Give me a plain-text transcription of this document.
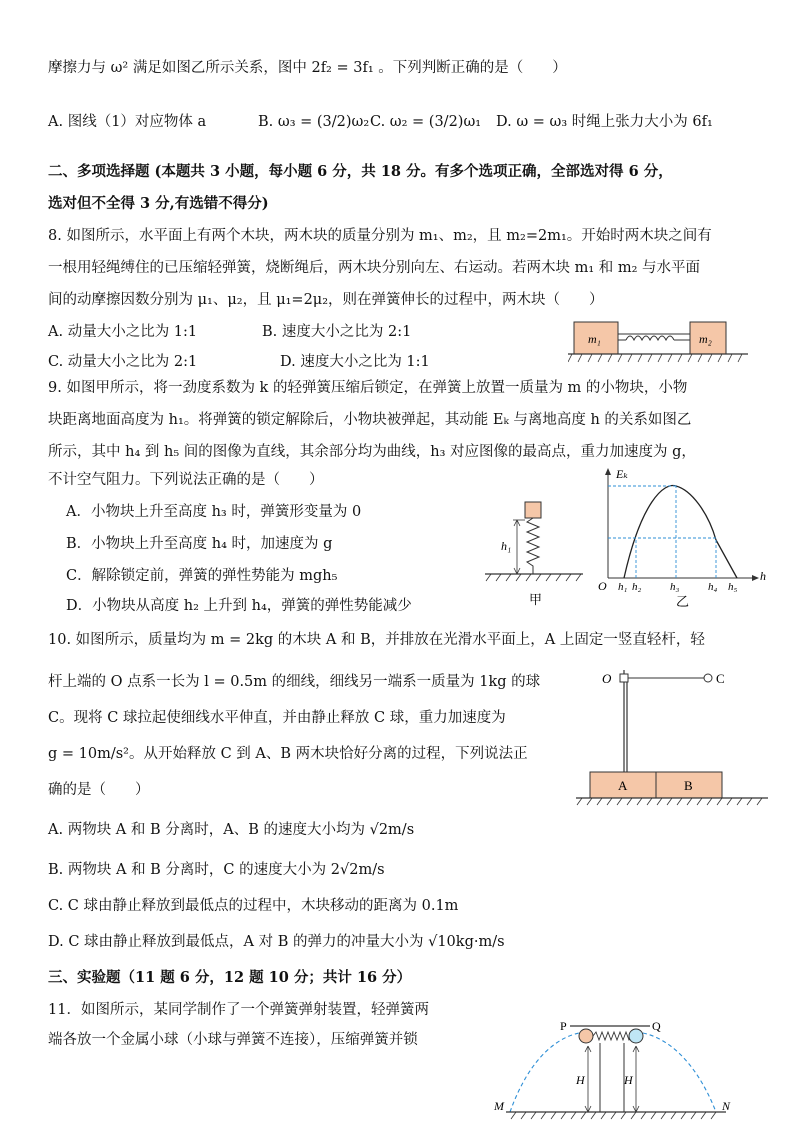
摩擦力与 ω² 满足如图乙所示关系，图中 2f₂ = 3f₁ 。下列判断正确的是（　　）
A. 图线（1）对应物体 a	B. ω₃ = (3/2)ω₂ C. ω₂ = (3/2)ω₁ D. ω = ω₃ 时绳上张力大小为 6f₁
二、多项选择题 (本题共 3 小题，每小题 6 分，共 18 分。有多个选项正确，全部选对得 6 分，
选对但不全得 3 分,有选错不得分)
8. 如图所示，水平面上有两个木块，两木块的质量分别为 m₁、m₂，且 m₂=2m₁。开始时两木块之间有
一根用轻绳缚住的已压缩轻弹簧，烧断绳后，两木块分别向左、右运动。若两木块 m₁ 和 m₂ 与水平面
间的动摩擦因数分别为 μ₁、μ₂，且 μ₁=2μ₂，则在弹簧伸长的过程中，两木块（　　）
A. 动量大小之比为 1:1	B. 速度大小之比为 2:1
C. 动量大小之比为 2:1	D. 速度大小之比为 1:1
m₁	m₂
9. 如图甲所示，将一劲度系数为 k 的轻弹簧压缩后锁定，在弹簧上放置一质量为 m 的小物块，小物
块距离地面高度为 h₁。将弹簧的锁定解除后，小物块被弹起，其动能 Eₖ 与离地高度 h 的关系如图乙
所示，其中 h₄ 到 h₅ 间的图像为直线，其余部分均为曲线，h₃ 对应图像的最高点，重力加速度为 g，
不计空气阻力。下列说法正确的是（　　）
A．小物块上升至高度 h₃ 时，弹簧形变量为 0
B．小物块上升至高度 h₄ 时，加速度为 g
C．解除锁定前，弹簧的弹性势能为 mgh₅
D．小物块从高度 h₂ 上升到 h₄，弹簧的弹性势能减少
h₁
甲
Eₖ
h
O h₁ h₂	h₃	h₄ h₅
乙
10. 如图所示，质量均为 m = 2kg 的木块 A 和 B，并排放在光滑水平面上，A 上固定一竖直轻杆，轻
杆上端的 O 点系一长为 l = 0.5m 的细线，细线另一端系一质量为 1kg 的球
C。现将 C 球拉起使细线水平伸直，并由静止释放 C 球，重力加速度为
g = 10m/s²。从开始释放 C 到 A、B 两木块恰好分离的过程，下列说法正
确的是（　　）
A. 两物块 A 和 B 分离时，A、B 的速度大小均为 √2m/s
B. 两物块 A 和 B 分离时，C 的速度大小为 2√2m/s
C. C 球由静止释放到最低点的过程中，木块移动的距离为 0.1m
D. C 球由静止释放到最低点，A 对 B 的弹力的冲量大小为 √10kg·m/s
O	C
A	B
三、实验题（11 题 6 分，12 题 10 分；共计 16 分）
11．如图所示，某同学制作了一个弹簧弹射装置，轻弹簧两
端各放一个金属小球（小球与弹簧不连接），压缩弹簧并锁
P	Q
H	H
M	N
